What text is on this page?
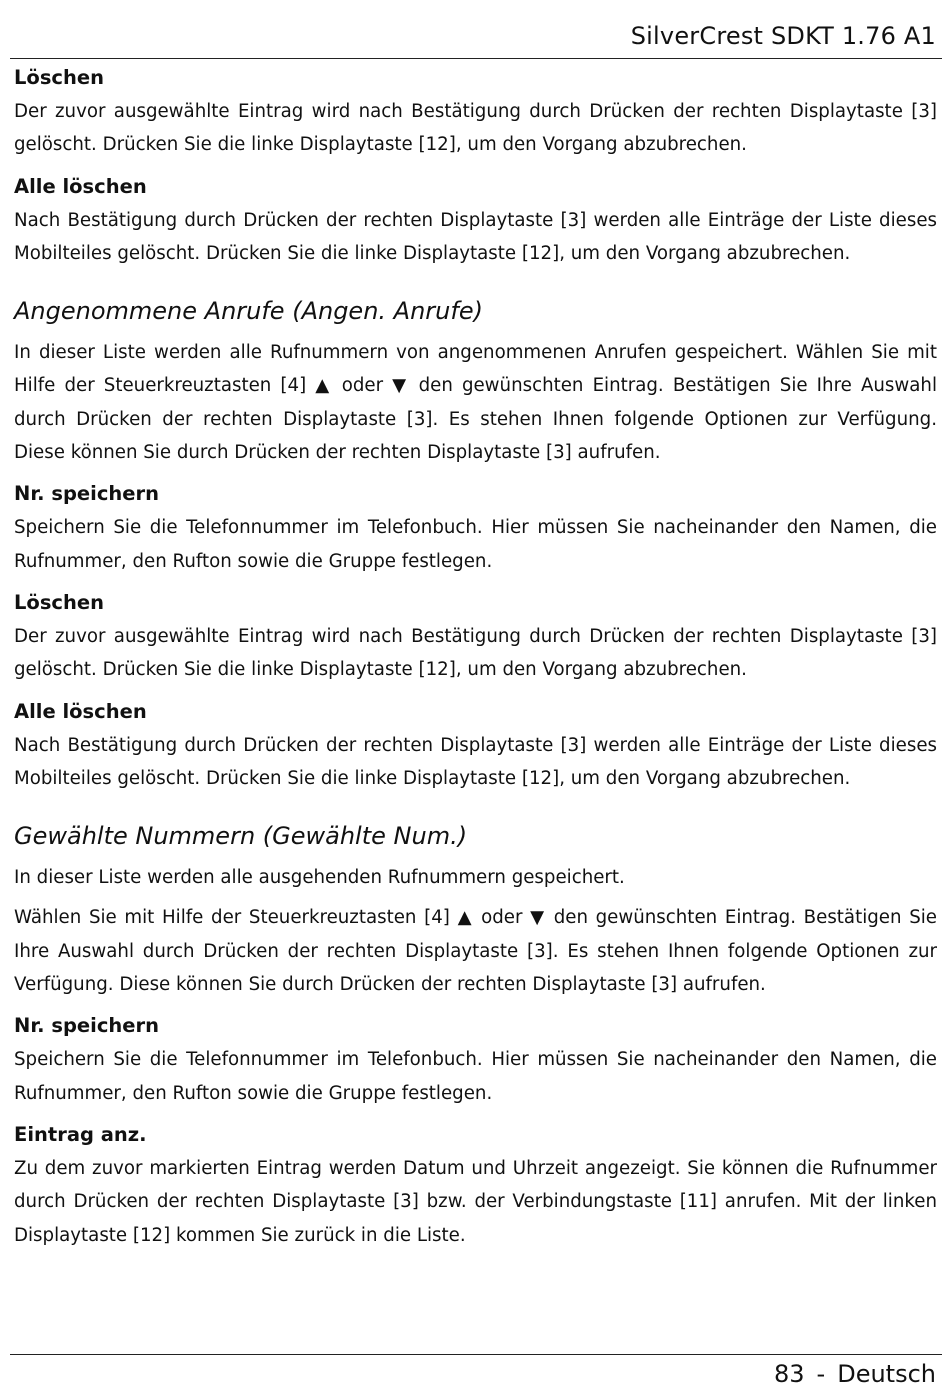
SilverCrest SDKT 1.76 A1
Löschen

Der zuvor ausgewählte Eintrag wird nach Bestätigung durch Drücken der rechten Displaytaste [3] gelöscht. Drücken Sie die linke Displaytaste [12], um den Vorgang abzubrechen.

Alle löschen

Nach Bestätigung durch Drücken der rechten Displaytaste [3] werden alle Einträge der Liste dieses Mobilteiles gelöscht. Drücken Sie die linke Displaytaste [12], um den Vorgang abzubrechen.

Angenommene Anrufe (Angen. Anrufe)

In dieser Liste werden alle Rufnummern von angenommenen Anrufen gespeichert. Wählen Sie mit Hilfe der Steuerkreuztasten [4] ▲ oder ▼ den gewünschten Eintrag. Bestätigen Sie Ihre Auswahl durch Drücken der rechten Displaytaste [3]. Es stehen Ihnen folgende Optionen zur Verfügung. Diese können Sie durch Drücken der rechten Displaytaste [3] aufrufen.

Nr. speichern

Speichern Sie die Telefonnummer im Telefonbuch. Hier müssen Sie nacheinander den Namen, die Rufnummer, den Rufton sowie die Gruppe festlegen.

Löschen

Der zuvor ausgewählte Eintrag wird nach Bestätigung durch Drücken der rechten Displaytaste [3] gelöscht. Drücken Sie die linke Displaytaste [12], um den Vorgang abzubrechen.

Alle löschen

Nach Bestätigung durch Drücken der rechten Displaytaste [3] werden alle Einträge der Liste dieses Mobilteiles gelöscht. Drücken Sie die linke Displaytaste [12], um den Vorgang abzubrechen.

Gewählte Nummern (Gewählte Num.)

In dieser Liste werden alle ausgehenden Rufnummern gespeichert.

Wählen Sie mit Hilfe der Steuerkreuztasten [4] ▲ oder ▼ den gewünschten Eintrag. Bestätigen Sie Ihre Auswahl durch Drücken der rechten Displaytaste [3]. Es stehen Ihnen folgende Optionen zur Verfügung. Diese können Sie durch Drücken der rechten Displaytaste [3] aufrufen.

Nr. speichern

Speichern Sie die Telefonnummer im Telefonbuch. Hier müssen Sie nacheinander den Namen, die Rufnummer, den Rufton sowie die Gruppe festlegen.

Eintrag anz.

Zu dem zuvor markierten Eintrag werden Datum und Uhrzeit angezeigt. Sie können die Rufnummer durch Drücken der rechten Displaytaste [3] bzw. der Verbindungstaste [11] anrufen. Mit der linken Displaytaste [12] kommen Sie zurück in die Liste.

83 - Deutsch
